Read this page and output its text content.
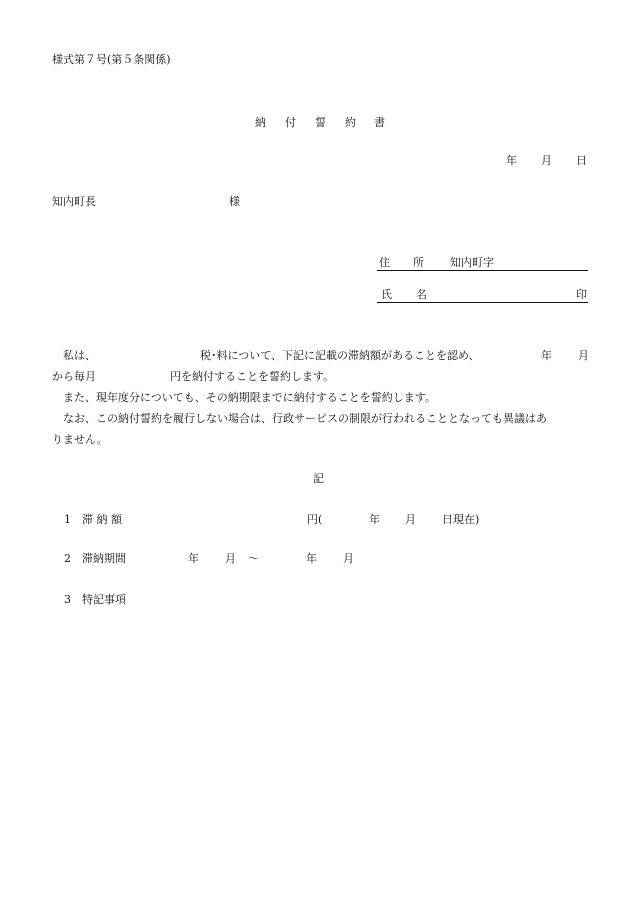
様式第７号(第５条関係)
納 付 誓 約 書
年 月 日
知内町長	様
住 所 知内町字
氏 名	印
私は、	税･料について、下記に記載の滞納額があることを認め、	年 月
から毎月	円を納付することを誓約します。
また、現年度分についても、その納期限までに納付することを誓約します。
なお、この納付誓約を履行しない場合は、行政サービスの制限が行われることとなっても異議はあ
りません。
記
1 滞 納 額	円(	年 月 日現在)
2 滞納期間	年 月 ～	年 月
3 特記事項
